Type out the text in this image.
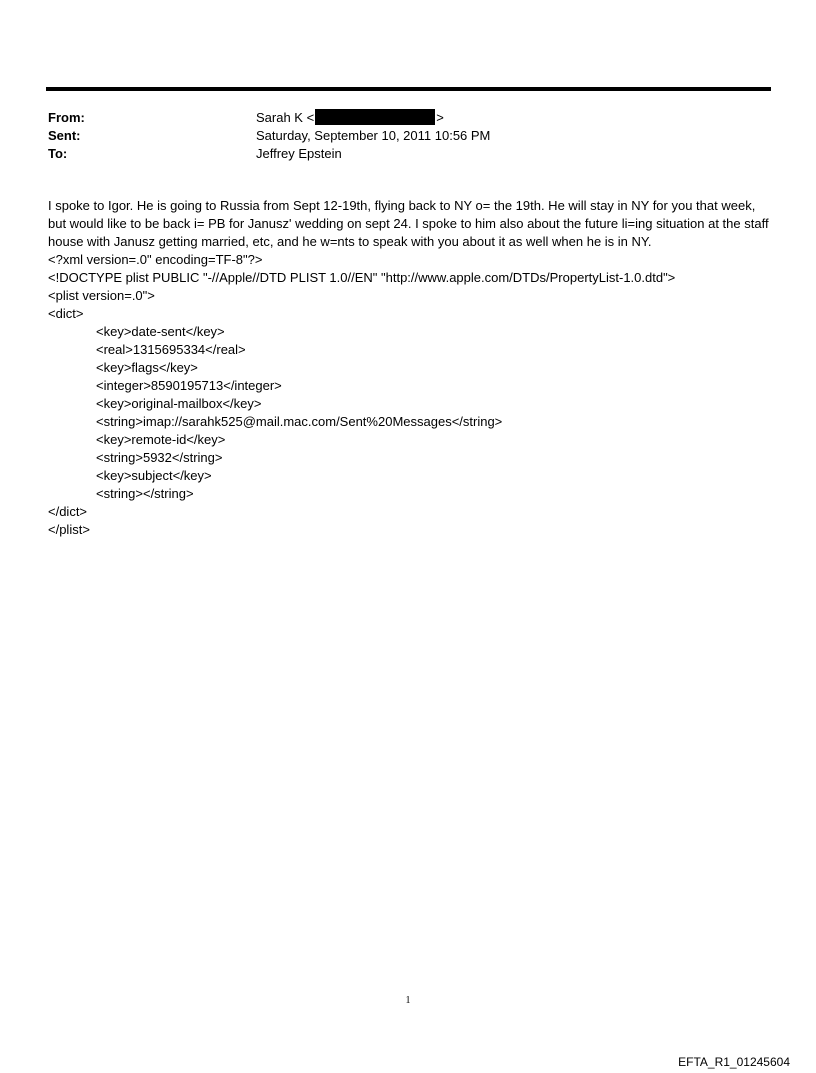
From:	Sarah K <	>
Sent:	Saturday, September 10, 2011 10:56 PM
To:	Jeffrey Epstein

I spoke to Igor. He is going to Russia from Sept 12-19th, flying back to NY o= the 19th. He will stay in NY for you that week, but would like to be back i= PB for Janusz' wedding on sept 24. I spoke to him also about the future li=ing situation at the staff house with Janusz getting married, etc, and he w=nts to speak with you about it as well when he is in NY.

<?xml version=.0" encoding=TF-8"?>
<!DOCTYPE plist PUBLIC "-//Apple//DTD PLIST 1.0//EN" "http://www.apple.com/DTDs/PropertyList-1.0.dtd">
<plist version=.0">
<dict>
<key>date-sent</key>
<real>1315695334</real>
<key>flags</key>
<integer>8590195713</integer>
<key>original-mailbox</key>
<string>imap://sarahk525@mail.mac.com/Sent%20Messages</string>
<key>remote-id</key>
<string>5932</string>
<key>subject</key>
<string></string>
</dict>
</plist>
1
EFTA_R1_01245604
